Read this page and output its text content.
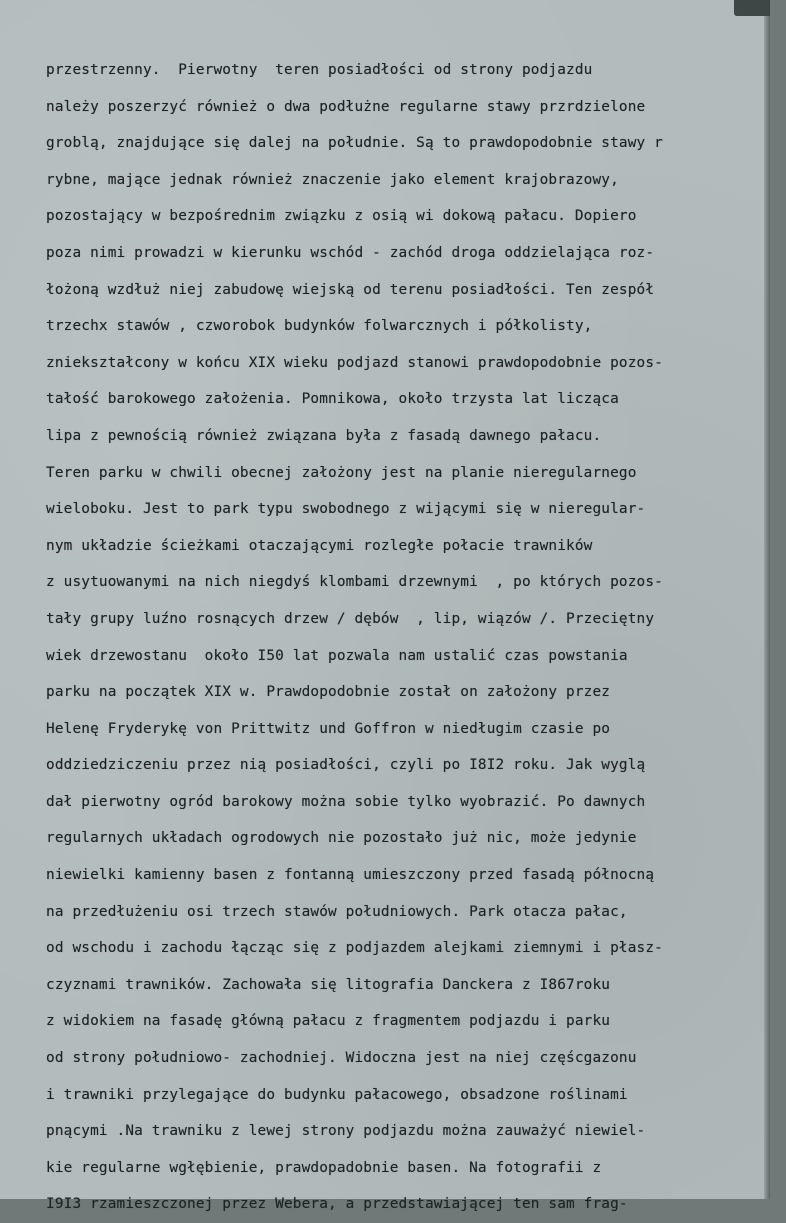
przestrzenny.  Pierwotny  teren posiadłości od strony podjazdu
należy poszerzyć również o dwa podłużne regularne stawy przrdzielone
groblą, znajdujące się dalej na południe. Są to prawdopodobnie stawy r
rybne, mające jednak również znaczenie jako element krajobrazowy,
pozostający w bezpośrednim związku z osią wi dokową pałacu. Dopiero
poza nimi prowadzi w kierunku wschód - zachód droga oddzielająca roz-
łożoną wzdłuż niej zabudowę wiejską od terenu posiadłości. Ten zespół
trzechx stawów , czworobok budynków folwarcznych i półkolisty,
zniekształcony w końcu XIX wieku podjazd stanowi prawdopodobnie pozos-
tałość barokowego założenia. Pomnikowa, około trzysta lat licząca
lipa z pewnością również związana była z fasadą dawnego pałacu.
Teren parku w chwili obecnej założony jest na planie nieregularnego
wieloboku. Jest to park typu swobodnego z wijącymi się w nieregular-
nym układzie ścieżkami otaczającymi rozległe połacie trawników
z usytuowanymi na nich niegdyś klombami drzewnymi  , po których pozos-
tały grupy luźno rosnących drzew / dębów  , lip, wiązów /. Przeciętny
wiek drzewostanu  około I50 lat pozwala nam ustalić czas powstania
parku na początek XIX w. Prawdopodobnie został on założony przez
Helenę Fryderykę von Prittwitz und Goffron w niedługim czasie po
oddziedziczeniu przez nią posiadłości, czyli po I8I2 roku. Jak wyglą
dał pierwotny ogród barokowy można sobie tylko wyobrazić. Po dawnych
regularnych układach ogrodowych nie pozostało już nic, może jedynie
niewielki kamienny basen z fontanną umieszczony przed fasadą północną
na przedłużeniu osi trzech stawów południowych. Park otacza pałac,
od wschodu i zachodu łącząc się z podjazdem alejkami ziemnymi i płasz-
czyznami trawników. Zachowała się litografia Danckera z I867roku
z widokiem na fasadę główną pałacu z fragmentem podjazdu i parku
od strony południowo- zachodniej. Widoczna jest na niej częścgazonu
i trawniki przylegające do budynku pałacowego, obsadzone roślinami
pnącymi .Na trawniku z lewej strony podjazdu można zauważyć niewiel-
kie regularne wgłębienie, prawdopadobnie basen. Na fotografii z
I9I3 rzamieszczonej przez Webera, a przedstawiającej ten sam frag-
